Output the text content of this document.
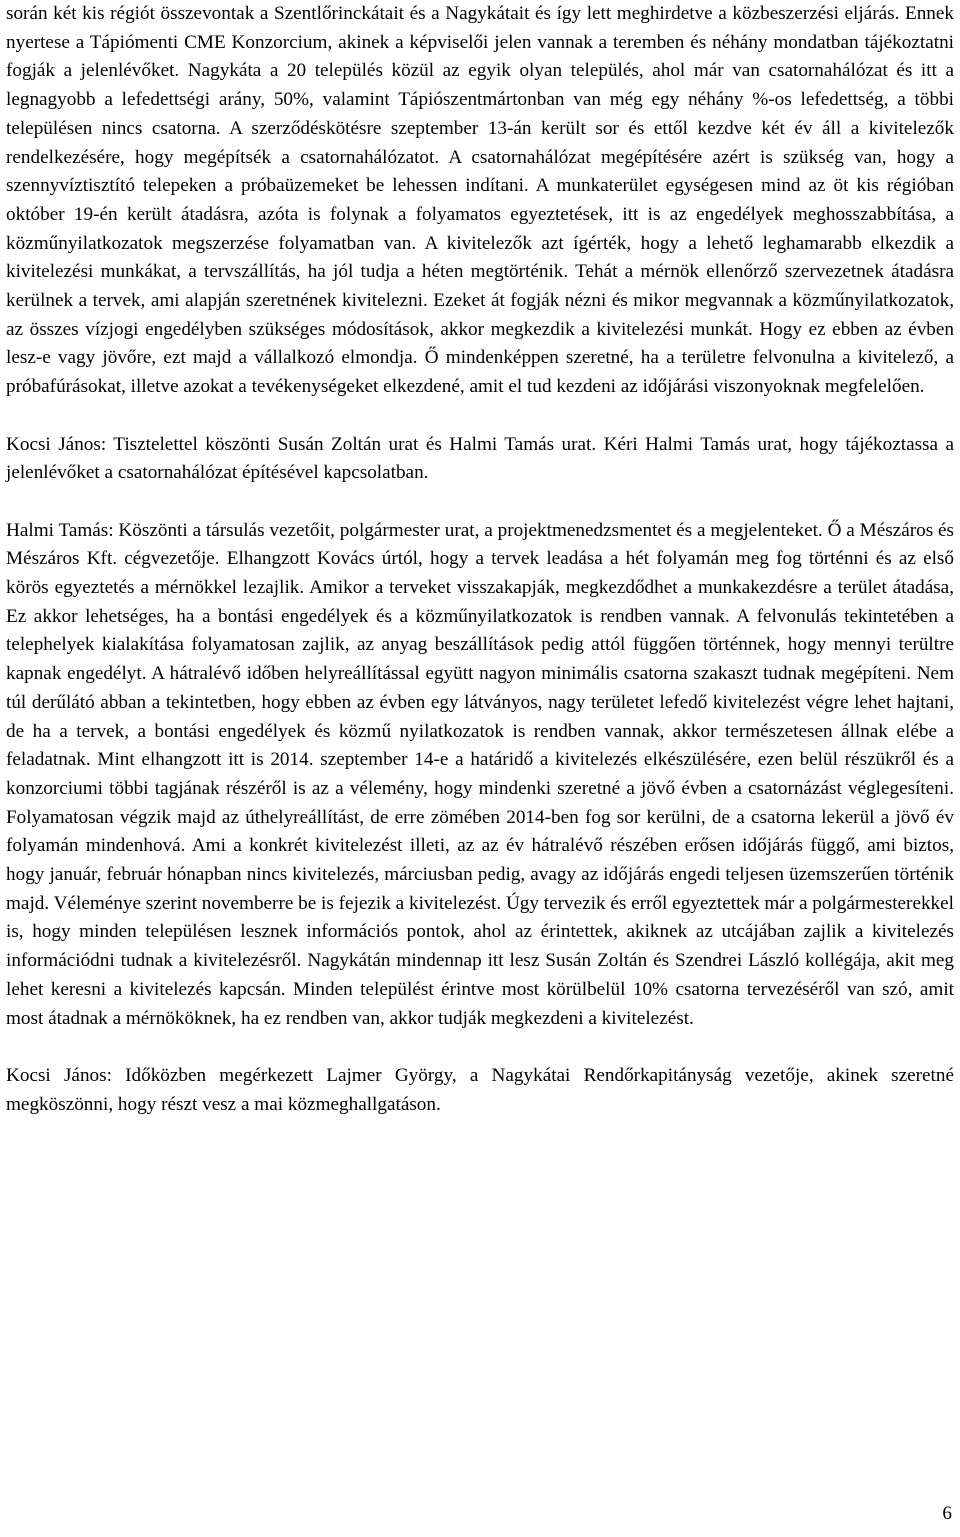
során két kis régiót összevontak a Szentlőrinckátait és a Nagykátait és így lett meghirdetve a közbeszerzési eljárás. Ennek nyertese a Tápiómenti CME Konzorcium, akinek a képviselői jelen vannak a teremben és néhány mondatban tájékoztatni fogják a jelenlévőket. Nagykáta a 20 település közül az egyik olyan település, ahol már van csatornahálózat és itt a legnagyobb a lefedettségi arány, 50%, valamint Tápiószentmártonban van még egy néhány %-os lefedettség, a többi településen nincs csatorna. A szerződéskötésre szeptember 13-án került sor és ettől kezdve két év áll a kivitelezők rendelkezésére, hogy megépítsék a csatornahálózatot. A csatornahálózat megépítésére azért is szükség van, hogy a szennyvíztisztító telepeken a próbaüzemeket be lehessen indítani. A munkaterület egységesen mind az öt kis régióban október 19-én került átadásra, azóta is folynak a folyamatos egyeztetések, itt is az engedélyek meghosszabbítása, a közműnyilatkozatok megszerzése folyamatban van. A kivitelezők azt ígérték, hogy a lehető leghamarabb elkezdik a kivitelezési munkákat, a tervszállítás, ha jól tudja a héten megtörténik. Tehát a mérnök ellenőrző szervezetnek átadásra kerülnek a tervek, ami alapján szeretnének kivitelezni. Ezeket át fogják nézni és mikor megvannak a közműnyilatkozatok, az összes vízjogi engedélyben szükséges módosítások, akkor megkezdik a kivitelezési munkát. Hogy ez ebben az évben lesz-e vagy jövőre, ezt majd a vállalkozó elmondja. Ő mindenképpen szeretné, ha a területre felvonulna a kivitelező, a próbafúrásokat, illetve azokat a tevékenységeket elkezdené, amit el tud kezdeni az időjárási viszonyoknak megfelelően.

Kocsi János: Tisztelettel köszönti Susán Zoltán urat és Halmi Tamás urat. Kéri Halmi Tamás urat, hogy tájékoztassa a jelenlévőket a csatornahálózat építésével kapcsolatban.

Halmi Tamás: Köszönti a társulás vezetőit, polgármester urat, a projektmenedzsmentet és a megjelenteket. Ő a Mészáros és Mészáros Kft. cégvezetője. Elhangzott Kovács úrtól, hogy a tervek leadása a hét folyamán meg fog történni és az első körös egyeztetés a mérnökkel lezajlik. Amikor a terveket visszakapják, megkezdődhet a munkakezdésre a terület átadása, Ez akkor lehetséges, ha a bontási engedélyek és a közműnyilatkozatok is rendben vannak. A felvonulás tekintetében a telephelyek kialakítása folyamatosan zajlik, az anyag beszállítások pedig attól függően történnek, hogy mennyi terültre kapnak engedélyt. A hátralévő időben helyreállítással együtt nagyon minimális csatorna szakaszt tudnak megépíteni. Nem túl derűlátó abban a tekintetben, hogy ebben az évben egy látványos, nagy területet lefedő kivitelezést végre lehet hajtani, de ha a tervek, a bontási engedélyek és közmű nyilatkozatok is rendben vannak, akkor természetesen állnak elébe a feladatnak. Mint elhangzott itt is 2014. szeptember 14-e a határidő a kivitelezés elkészülésére, ezen belül részükről és a konzorciumi többi tagjának részéről is az a vélemény, hogy mindenki szeretné a jövő évben a csatornázást véglegesíteni. Folyamatosan végzik majd az úthelyreállítást, de erre zömében 2014-ben fog sor kerülni, de a csatorna lekerül a jövő év folyamán mindenhová. Ami a konkrét kivitelezést illeti, az az év hátralévő részében erősen időjárás függő, ami biztos, hogy január, február hónapban nincs kivitelezés, márciusban pedig, avagy az időjárás engedi teljesen üzemszerűen történik majd. Véleménye szerint novemberre be is fejezik a kivitelezést. Úgy tervezik és erről egyeztettek már a polgármesterekkel is, hogy minden településen lesznek információs pontok, ahol az érintettek, akiknek az utcájában zajlik a kivitelezés információdni tudnak a kivitelezésről. Nagykátán mindennap itt lesz Susán Zoltán és Szendrei László kollégája, akit meg lehet keresni a kivitelezés kapcsán. Minden települést érintve most körülbelül 10% csatorna tervezéséről van szó, amit most átadnak a mérnököknek, ha ez rendben van, akkor tudják megkezdeni a kivitelezést.

Kocsi János: Időközben megérkezett Lajmer György, a Nagykátai Rendőrkapitányság vezetője, akinek szeretné megköszönni, hogy részt vesz a mai közmeghallgatáson.

6
